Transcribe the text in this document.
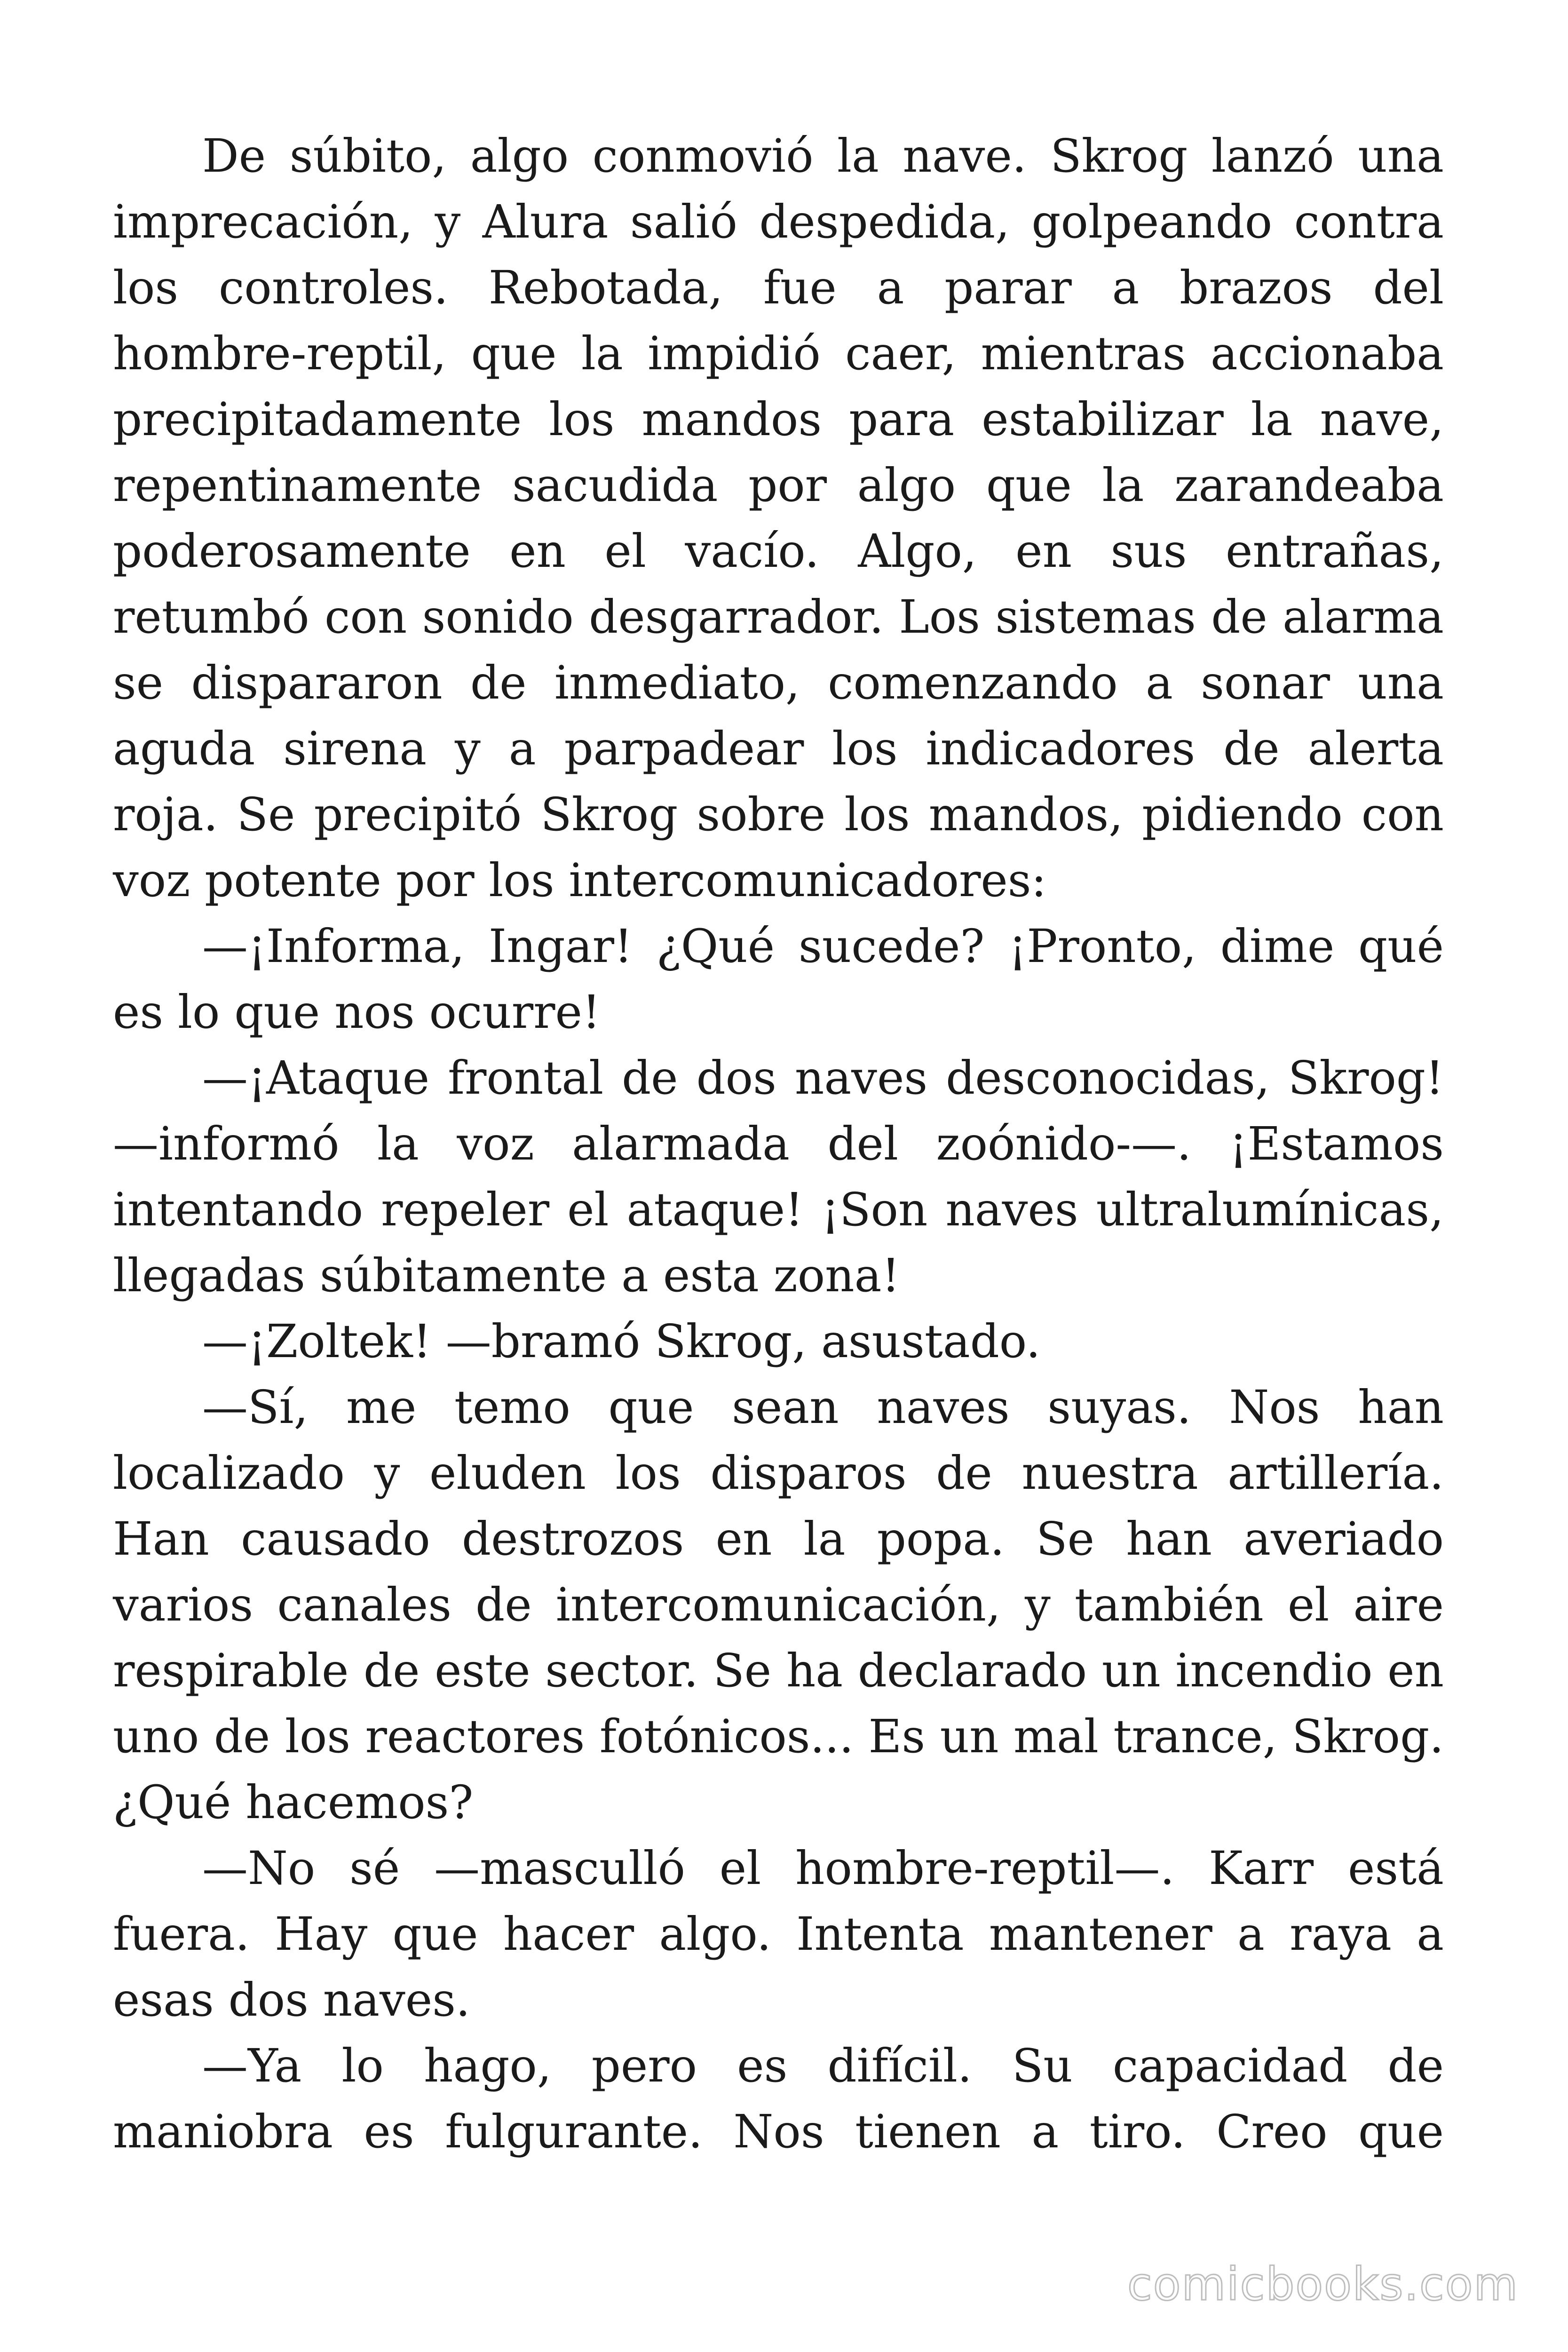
De súbito, algo conmovió la nave. Skrog lanzó una imprecación, y Alura salió despedida, golpeando contra los controles. Rebotada, fue a parar a brazos del hombre-reptil, que la impidió caer, mientras accionaba precipitadamente los mandos para estabilizar la nave, repentinamente sacudida por algo que la zarandeaba poderosamente en el vacío. Algo, en sus entrañas, retumbó con sonido desgarrador. Los sistemas de alarma se dispararon de inmediato, comenzando a sonar una aguda sirena y a parpadear los indicadores de alerta roja. Se precipitó Skrog sobre los mandos, pidiendo con voz potente por los intercomunicadores:

—¡Informa, Ingar! ¿Qué sucede? ¡Pronto, dime qué es lo que nos ocurre!

—¡Ataque frontal de dos naves desconocidas, Skrog! —informó la voz alarmada del zoónido-—. ¡Estamos intentando repeler el ataque! ¡Son naves ultralumínicas, llegadas súbitamente a esta zona!

—¡Zoltek! —bramó Skrog, asustado.

—Sí, me temo que sean naves suyas. Nos han localizado y eluden los disparos de nuestra artillería. Han causado destrozos en la popa. Se han averiado varios canales de intercomunicación, y también el aire respirable de este sector. Se ha declarado un incendio en uno de los reactores fotónicos... Es un mal trance, Skrog. ¿Qué hacemos?

—No sé —masculló el hombre-reptil—. Karr está fuera. Hay que hacer algo. Intenta mantener a raya a esas dos naves.

—Ya lo hago, pero es difícil. Su capacidad de maniobra es fulgurante. Nos tienen a tiro. Creo que

comicbooks.com
